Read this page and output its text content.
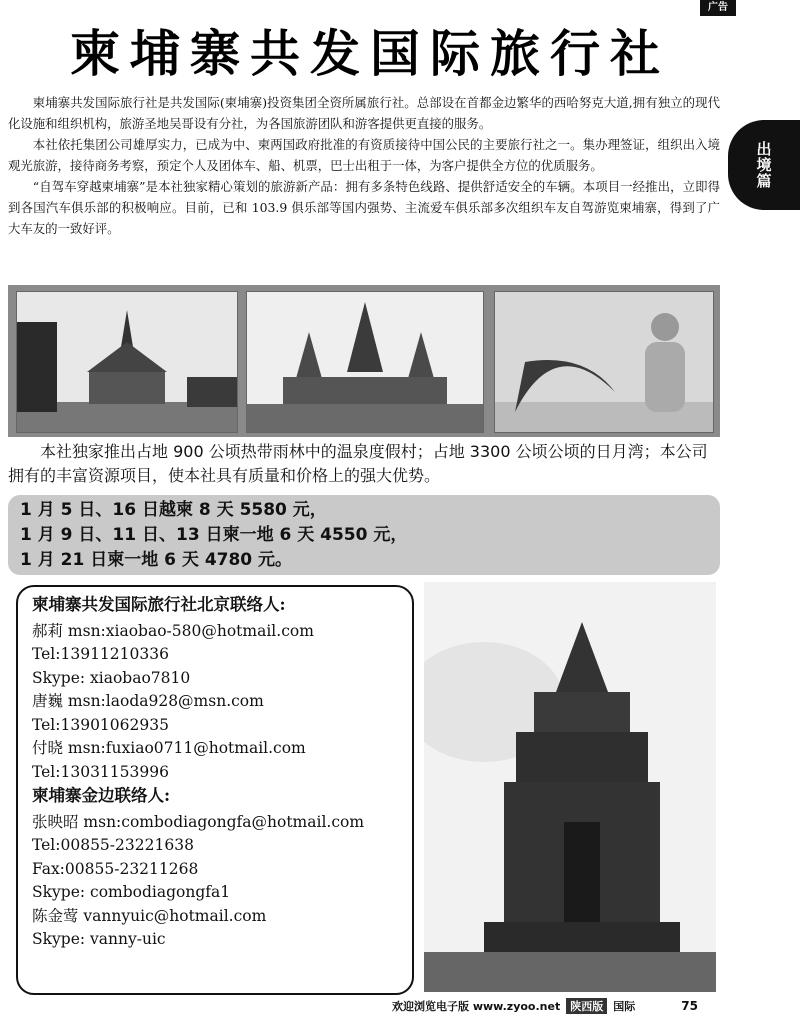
广告
柬埔寨共发国际旅行社
出境篇

柬埔寨共发国际旅行社是共发国际(柬埔寨)投资集团全资所属旅行社。总部设在首都金边繁华的西哈努克大道,拥有独立的现代化设施和组织机构，旅游圣地吴哥设有分社，为各国旅游团队和游客提供更直接的服务。

本社依托集团公司雄厚实力，已成为中、柬两国政府批准的有资质接待中国公民的主要旅行社之一。集办理签证，组织出入境观光旅游，接待商务考察，预定个人及团体车、船、机票，巴士出租于一体，为客户提供全方位的优质服务。

“自驾车穿越柬埔寨”是本社独家精心策划的旅游新产品：拥有多条特色线路、提供舒适安全的车辆。本项目一经推出，立即得到各国汽车俱乐部的积极响应。目前，已和 103.9 俱乐部等国内强势、主流爱车俱乐部多次组织车友自驾游览柬埔寨，得到了广大车友的一致好评。

本社独家推出占地 900 公顷热带雨林中的温泉度假村；占地 3300 公顷公顷的日月湾；本公司拥有的丰富资源项目，使本社具有质量和价格上的强大优势。

1 月 5 日、16 日越柬 8 天 5580 元，
1 月 9 日、11 日、13 日柬一地 6 天 4550 元，
1 月 21 日柬一地 6 天 4780 元。
柬埔寨共发国际旅行社北京联络人:
郝莉 msn:xiaobao-580@hotmail.com
Tel:13911210336
Skype: xiaobao7810
唐巍 msn:laoda928@msn.com
Tel:13901062935
付晓 msn:fuxiao0711@hotmail.com
Tel:13031153996
柬埔寨金边联络人:
张映昭 msn:combodiagongfa@hotmail.com
Tel:00855-23221638
Fax:00855-23211268
Skype: combodiagongfa1
陈金莺 vannyuic@hotmail.com
Skype: vanny-uic
欢迎浏览电子版 www.zyoo.net 陕西版 国际	75
